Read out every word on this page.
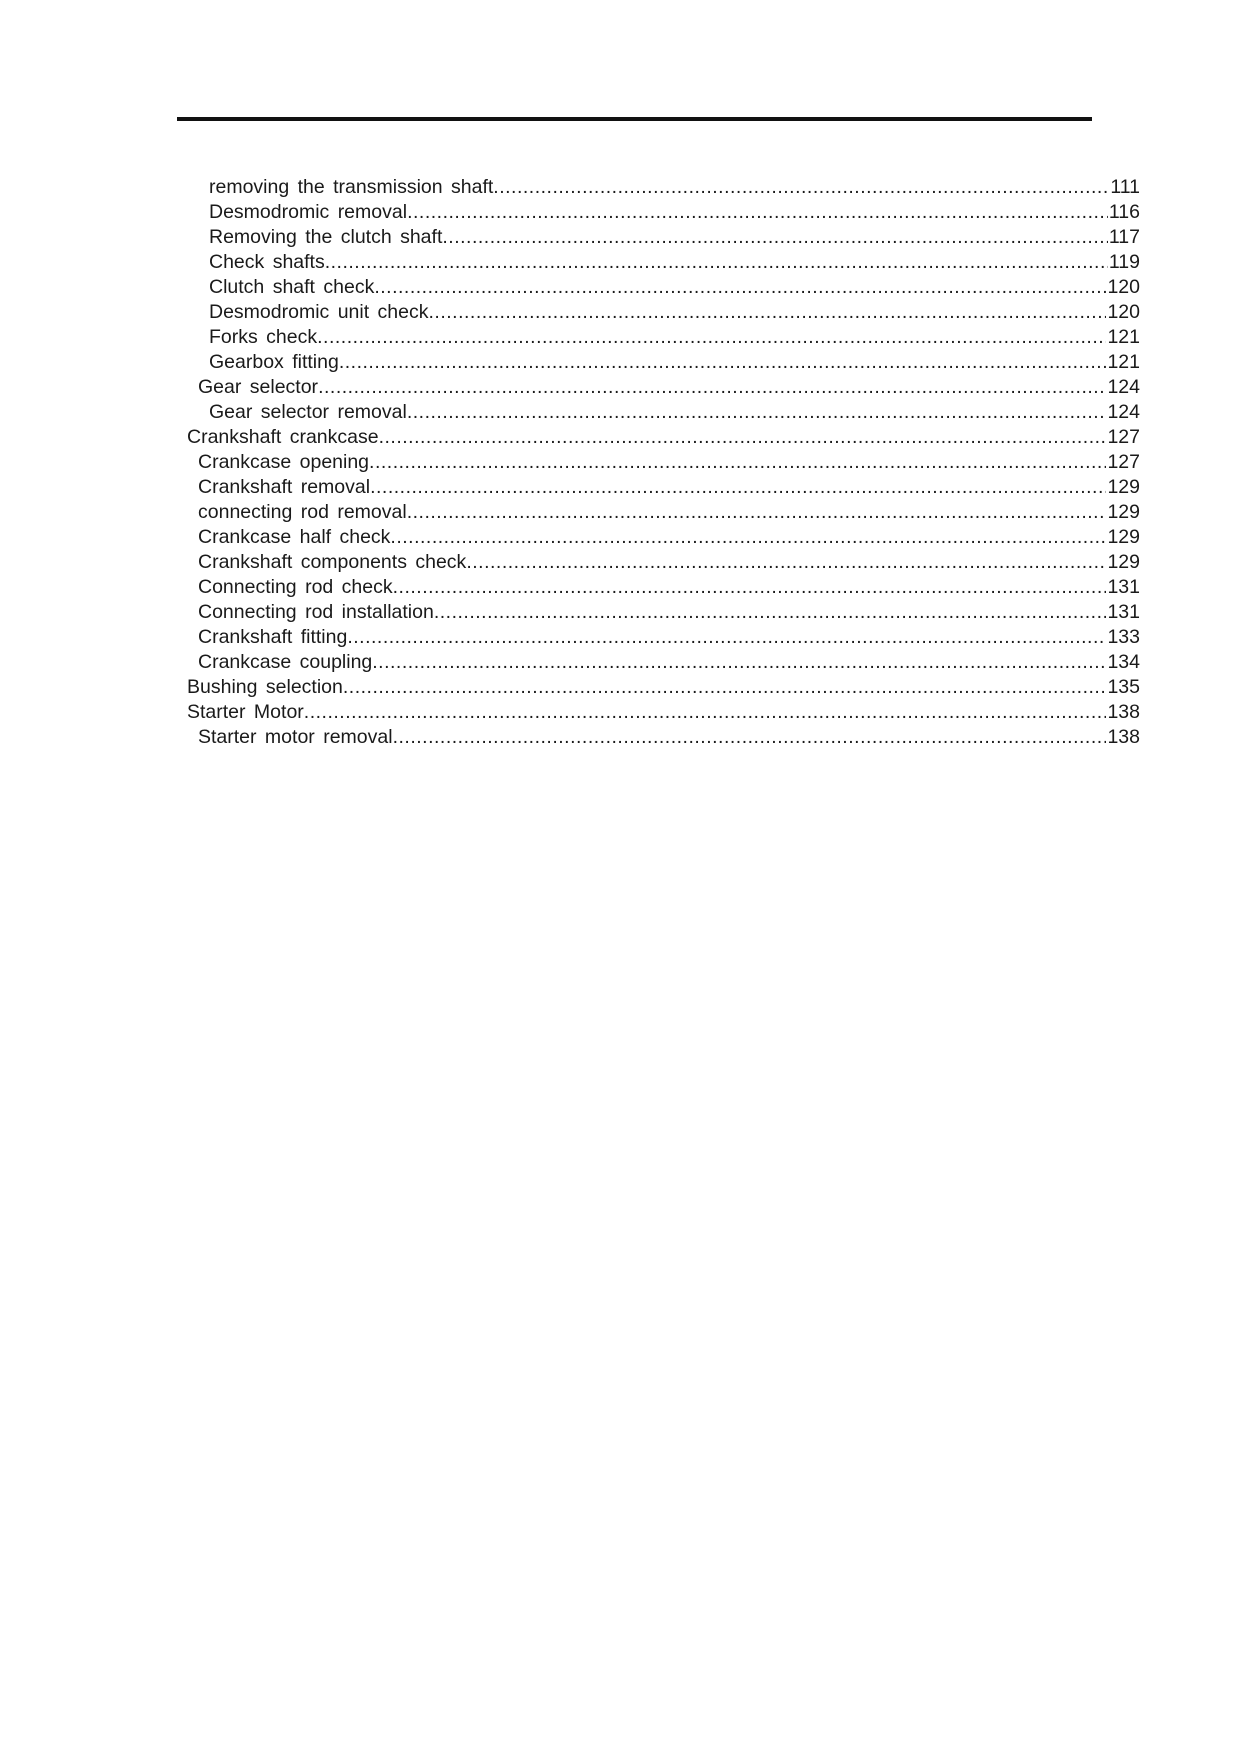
removing the transmission shaft .....	111
Desmodromic removal .....	116
Removing the clutch shaft .....	117
Check shafts .....	119
Clutch shaft check .....	120
Desmodromic unit check .....	120
Forks check .....	121
Gearbox fitting .....	121
Gear selector .....	124
Gear selector removal .....	124
Crankshaft crankcase .....	127
Crankcase opening .....	127
Crankshaft removal .....	129
connecting rod removal .....	129
Crankcase half check .....	129
Crankshaft components check .....	129
Connecting rod check .....	131
Connecting rod installation .....	131
Crankshaft fitting .....	133
Crankcase coupling .....	134
Bushing selection .....	135
Starter Motor .....	138
Starter motor removal .....	138
